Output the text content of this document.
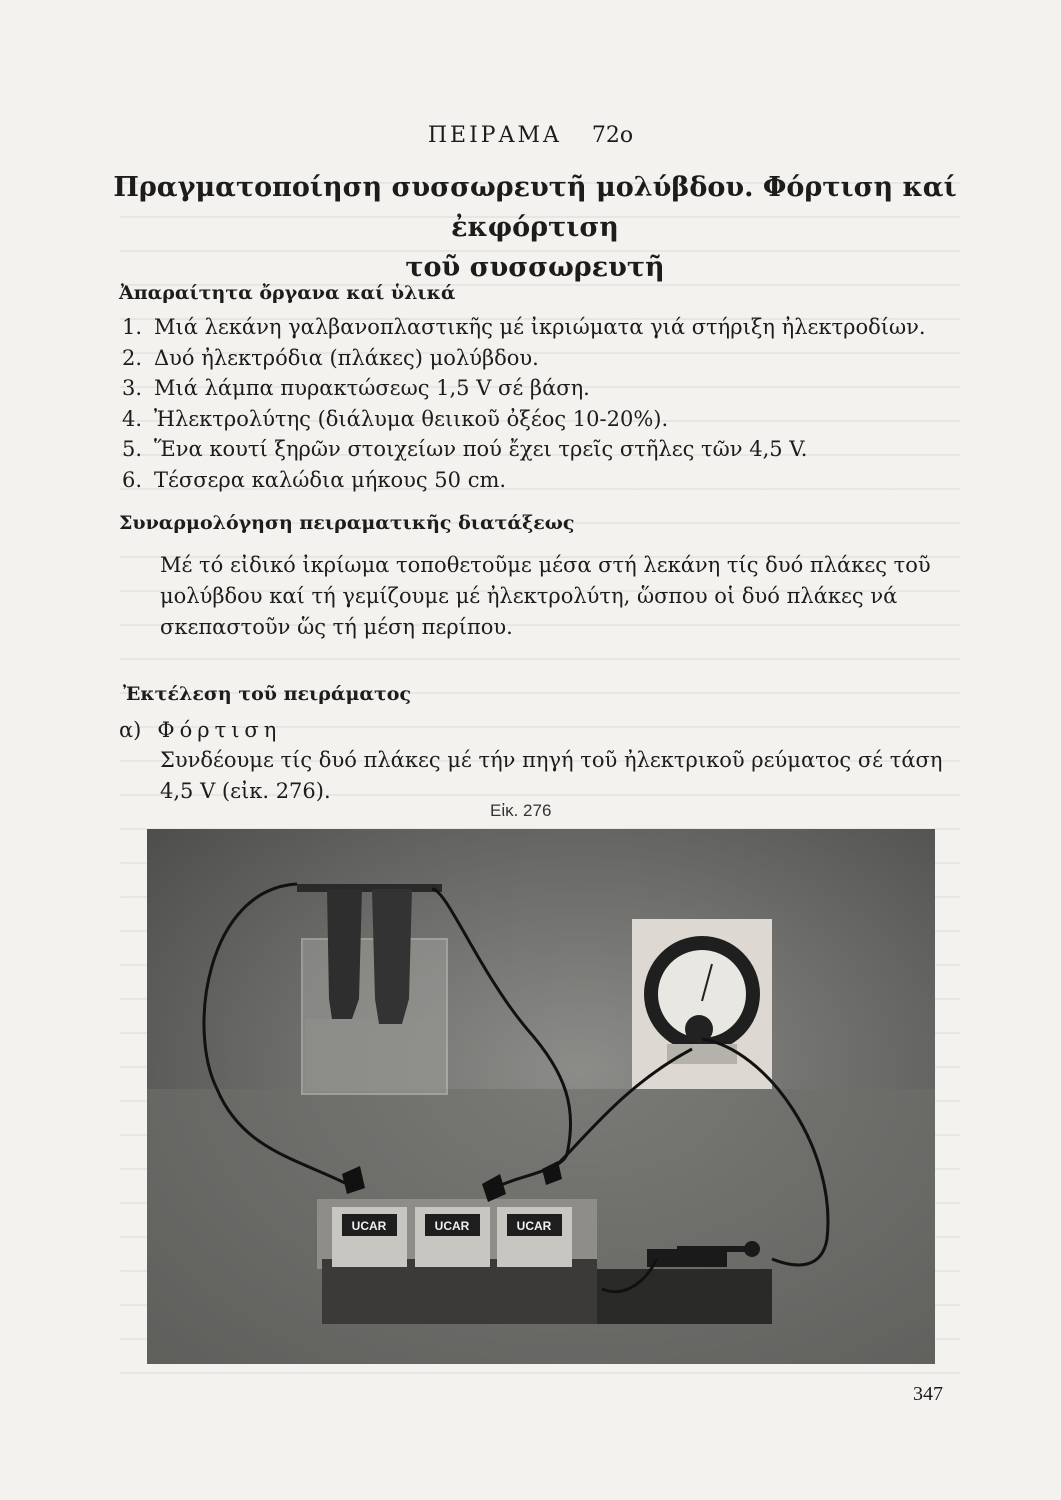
ΠΕΙΡΑΜΑ 72ο
Πραγματοποίηση συσσωρευτῆ μολύβδου. Φόρτιση καί ἐκφόρτιση
τοῦ συσσωρευτῆ
Ἀπαραίτητα ὄργανα καί ὑλικά
1. Μιά λεκάνη γαλβανοπλαστικῆς μέ ἰκριώματα γιά στήριξη ἠλεκτροδίων.
2. Δυό ἠλεκτρόδια (πλάκες) μολύβδου.
3. Μιά λάμπα πυρακτώσεως 1,5 V σέ βάση.
4. Ἠλεκτρολύτης (διάλυμα θειικοῦ ὀξέος 10-20%).
5. Ἕνα κουτί ξηρῶν στοιχείων πού ἔχει τρεῖς στῆλες τῶν 4,5 V.
6. Τέσσερα καλώδια μήκους 50 cm.
Συναρμολόγηση πειραματικῆς διατάξεως
Μέ τό εἰδικό ἰκρίωμα τοποθετοῦμε μέσα στή λεκάνη τίς δυό πλάκες τοῦ μολύβδου καί τή γεμίζουμε μέ ἠλεκτρολύτη, ὥσπου οἱ δυό πλάκες νά σκεπαστοῦν ὥς τή μέση περίπου.
Ἐκτέλεση τοῦ πειράματος
α) Φόρτιση
Συνδέουμε τίς δυό πλάκες μέ τήν πηγή τοῦ ἠλεκτρικοῦ ρεύματος σέ τάση 4,5 V (εἰκ. 276).
Εἰκ. 276
UCAR	UCAR	UCAR
347
